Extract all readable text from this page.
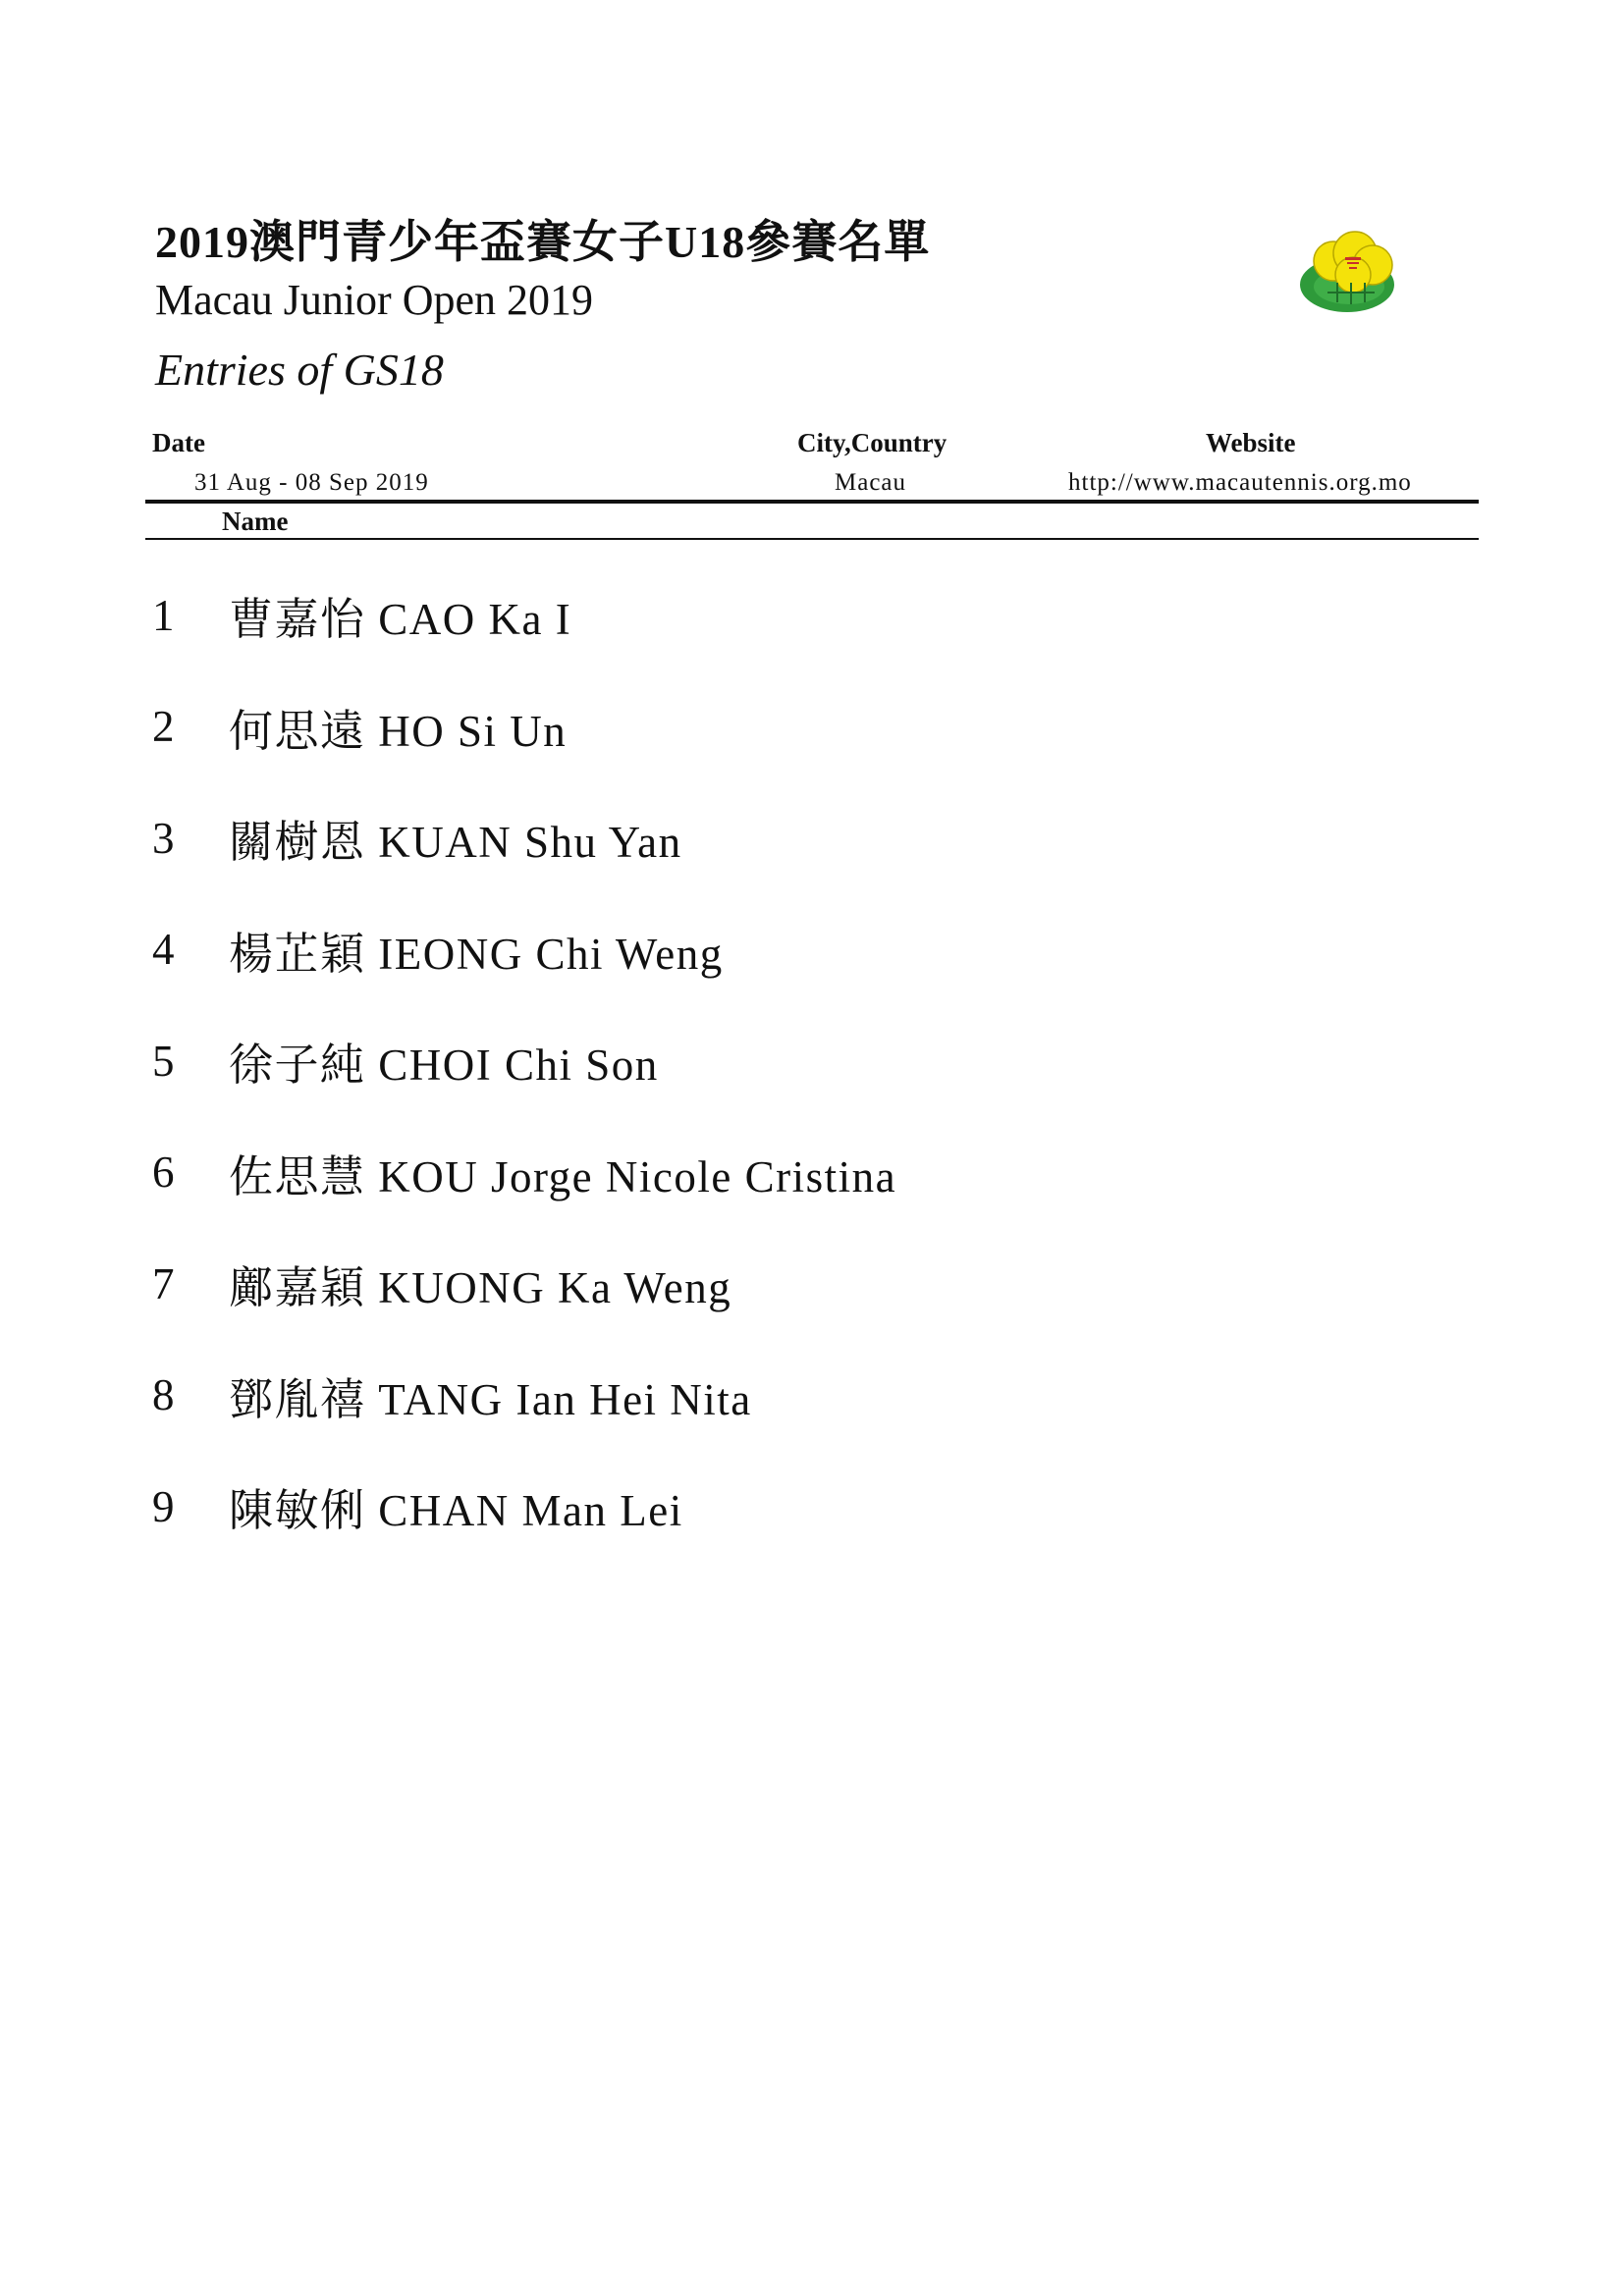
2019澳門青少年盃賽女子U18參賽名單
Macau Junior Open 2019
Entries of GS18
Date	City,Country	Website
31 Aug - 08 Sep 2019	Macau	http://www.macautennis.org.mo
Name
1	曹嘉怡 CAO Ka I
2	何思遠 HO Si Un
3	關樹恩 KUAN Shu Yan
4	楊芷穎 IEONG Chi Weng
5	徐子純 CHOI Chi Son
6	佐思慧 KOU Jorge Nicole Cristina
7	鄺嘉穎 KUONG Ka Weng
8	鄧胤禧 TANG Ian Hei Nita
9	陳敏俐 CHAN Man Lei
